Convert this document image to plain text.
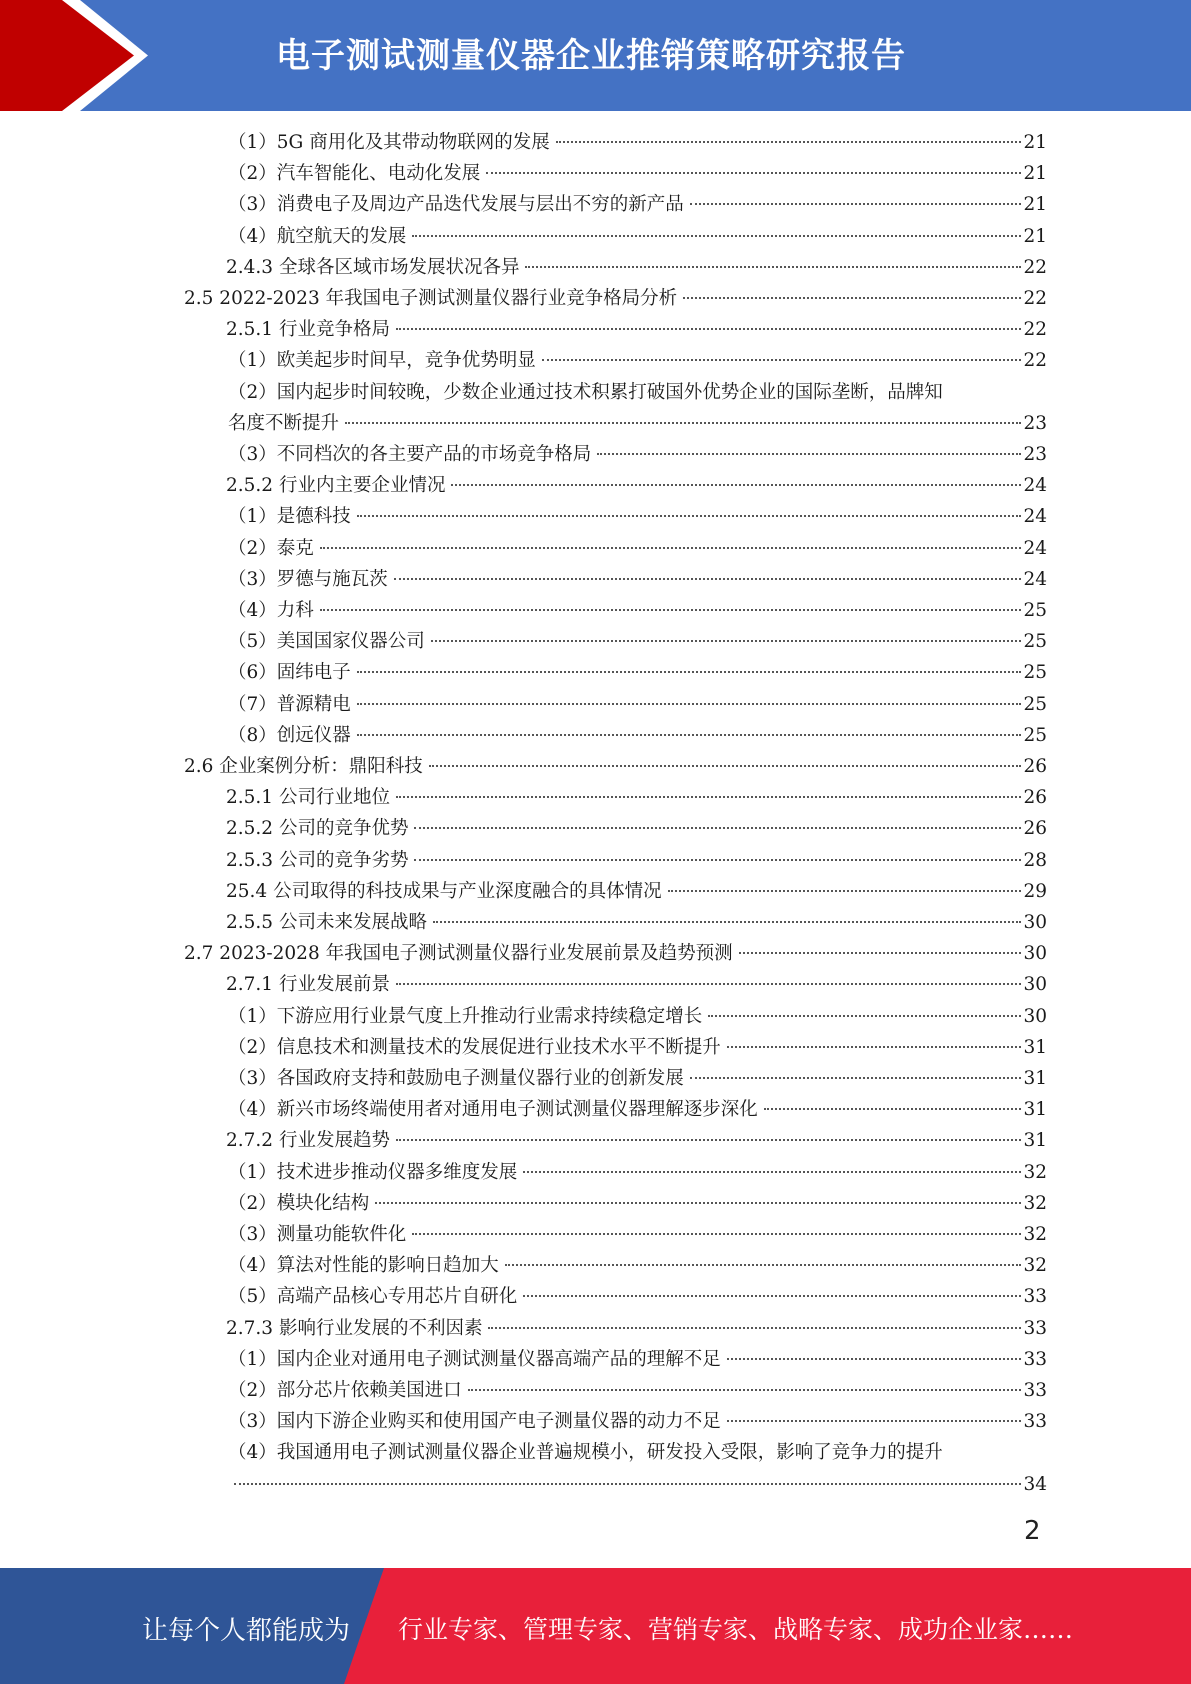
电子测试测量仪器企业推销策略研究报告
（1）5G 商用化及其带动物联网的发展	21
（2）汽车智能化、电动化发展	21
（3）消费电子及周边产品迭代发展与层出不穷的新产品	21
（4）航空航天的发展	21
2.4.3 全球各区域市场发展状况各异	22
2.5 2022-2023 年我国电子测试测量仪器行业竞争格局分析	22
2.5.1 行业竞争格局	22
（1）欧美起步时间早，竞争优势明显	22
（2）国内起步时间较晚，少数企业通过技术积累打破国外优势企业的国际垄断，品牌知
名度不断提升	23
（3）不同档次的各主要产品的市场竞争格局	23
2.5.2 行业内主要企业情况	24
（1）是德科技	24
（2）泰克	24
（3）罗德与施瓦茨	24
（4）力科	25
（5）美国国家仪器公司	25
（6）固纬电子	25
（7）普源精电	25
（8）创远仪器	25
2.6 企业案例分析：鼎阳科技	26
2.5.1 公司行业地位	26
2.5.2 公司的竞争优势	26
2.5.3 公司的竞争劣势	28
25.4 公司取得的科技成果与产业深度融合的具体情况	29
2.5.5 公司未来发展战略	30
2.7 2023-2028 年我国电子测试测量仪器行业发展前景及趋势预测	30
2.7.1 行业发展前景	30
（1）下游应用行业景气度上升推动行业需求持续稳定增长	30
（2）信息技术和测量技术的发展促进行业技术水平不断提升	31
（3）各国政府支持和鼓励电子测量仪器行业的创新发展	31
（4）新兴市场终端使用者对通用电子测试测量仪器理解逐步深化	31
2.7.2 行业发展趋势	31
（1）技术进步推动仪器多维度发展	32
（2）模块化结构	32
（3）测量功能软件化	32
（4）算法对性能的影响日趋加大	32
（5）高端产品核心专用芯片自研化	33
2.7.3 影响行业发展的不利因素	33
（1）国内企业对通用电子测试测量仪器高端产品的理解不足	33
（2）部分芯片依赖美国进口	33
（3）国内下游企业购买和使用国产电子测量仪器的动力不足	33
（4）我国通用电子测试测量仪器企业普遍规模小，研发投入受限，影响了竞争力的提升
34
2
让每个人都能成为 行业专家、管理专家、营销专家、战略专家、成功企业家……
